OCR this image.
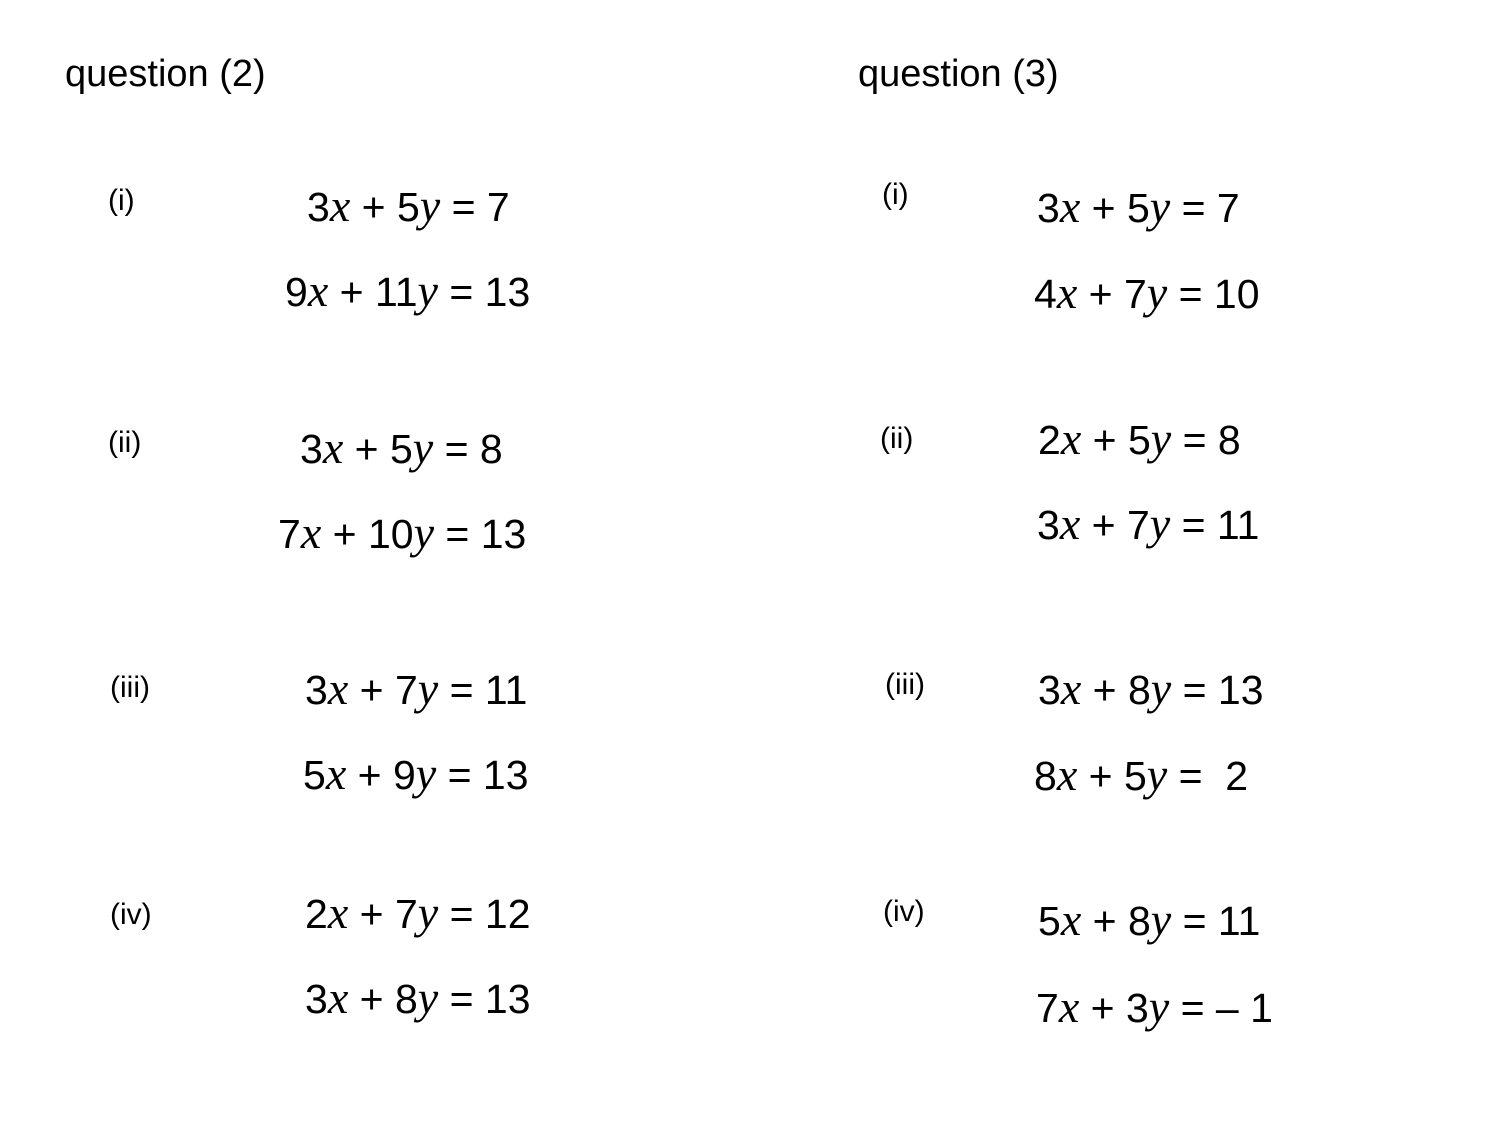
question (2)
(i)	3x + 5y = 7
9x + 11y = 13
(ii)	3x + 5y = 8
7x + 10y = 13
(iii)	3x + 7y = 11
5x + 9y = 13
(iv)	2x + 7y = 12
3x + 8y = 13
question (3)
(i)	3x + 5y = 7
4x + 7y = 10
(ii)	2x + 5y = 8
3x + 7y = 11
(iii)	3x + 8y = 13
8x + 5y =  2
(iv)	5x + 8y = 11
7x + 3y = – 1
